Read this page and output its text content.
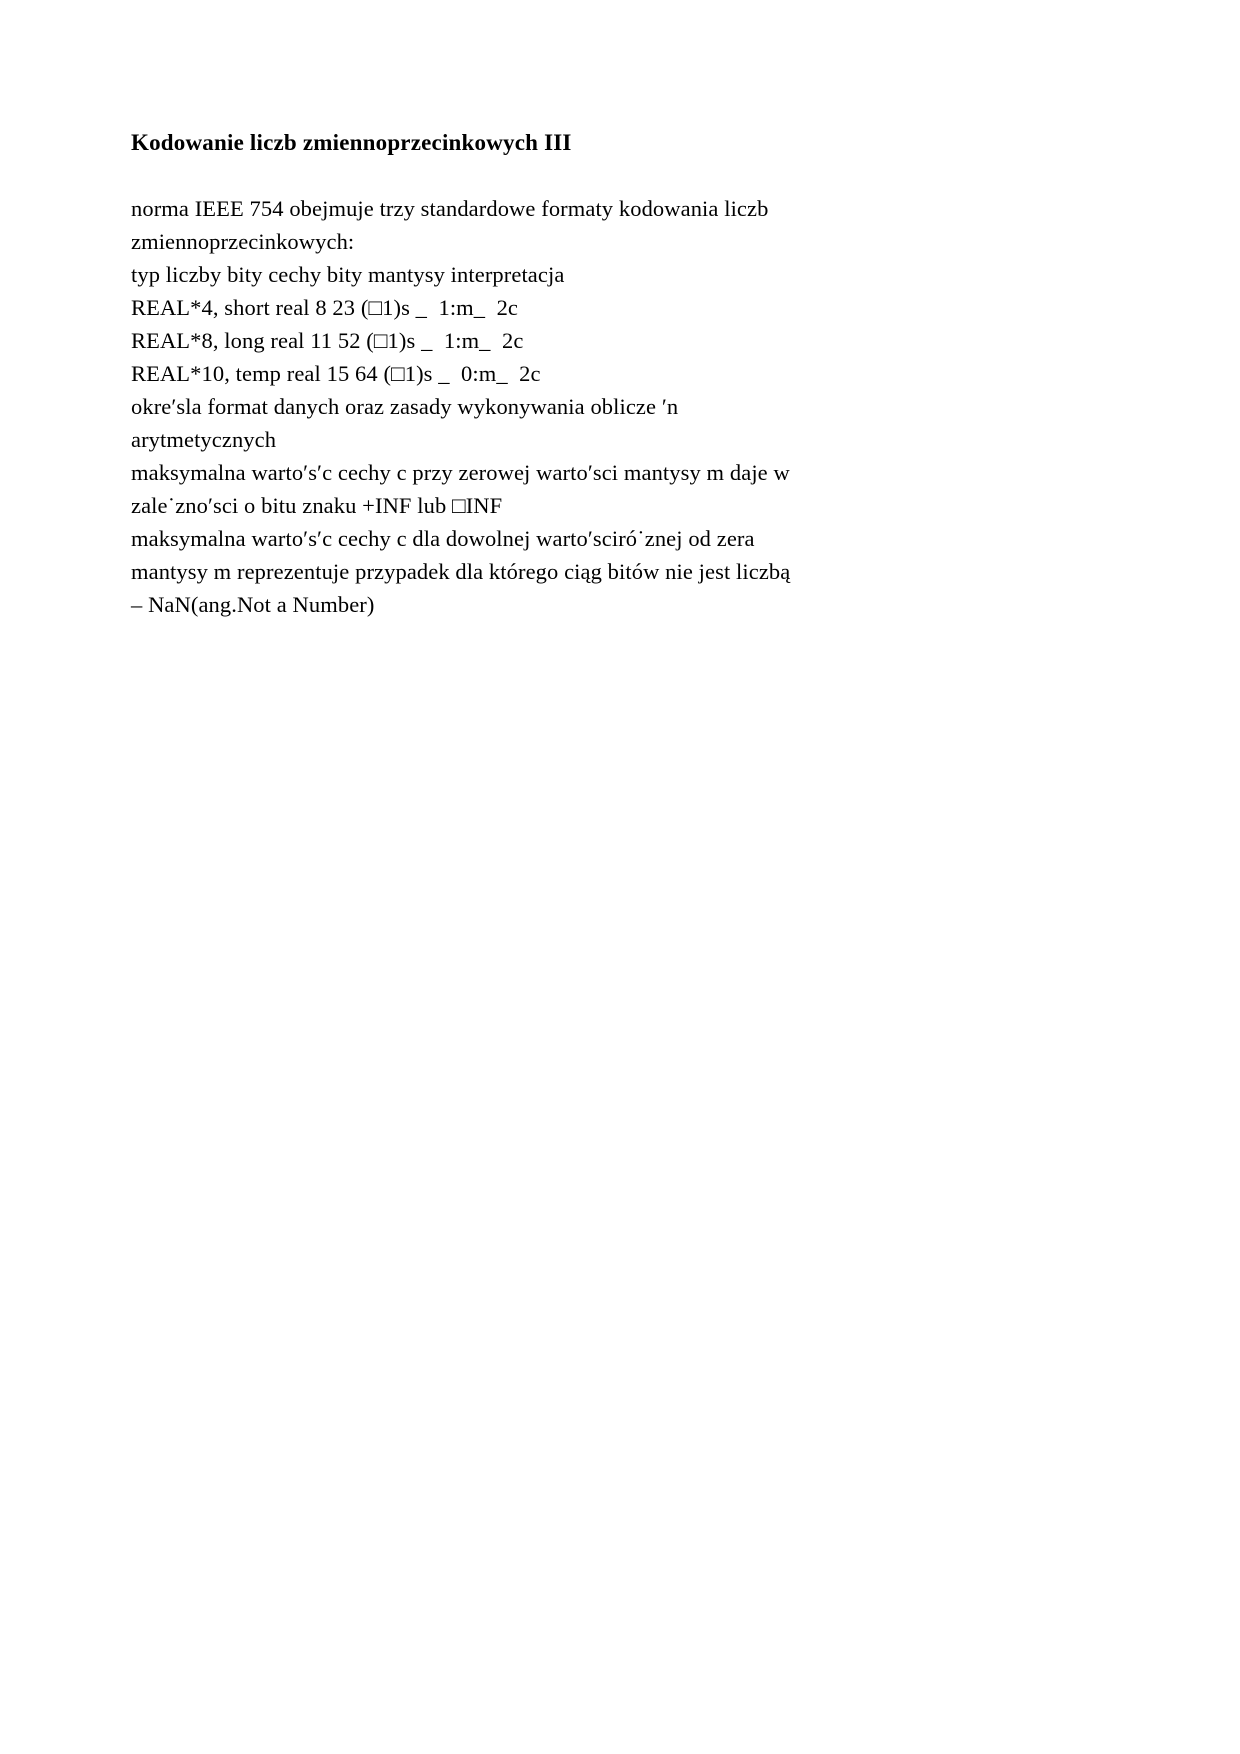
Kodowanie liczb zmiennoprzecinkowych III

norma IEEE 754 obejmuje trzy standardowe formaty kodowania liczb

zmiennoprzecinkowych:

typ liczby bity cechy bity mantysy interpretacja

REAL*4, short real 8 23 (□1)s _  1:m_  2c

REAL*8, long real 11 52 (□1)s _  1:m_  2c

REAL*10, temp real 15 64 (□1)s _  0:m_  2c

okre′sla format danych oraz zasady wykonywania oblicze ′n

arytmetycznych

maksymalna warto′s′c cechy c przy zerowej warto′sci mantysy m daje w

zale˙zno′sci o bitu znaku +INF lub □INF

maksymalna warto′s′c cechy c dla dowolnej warto′sciró˙znej od zera

mantysy m reprezentuje przypadek dla którego ciąg bitów nie jest liczbą

– NaN(ang.Not a Number)
